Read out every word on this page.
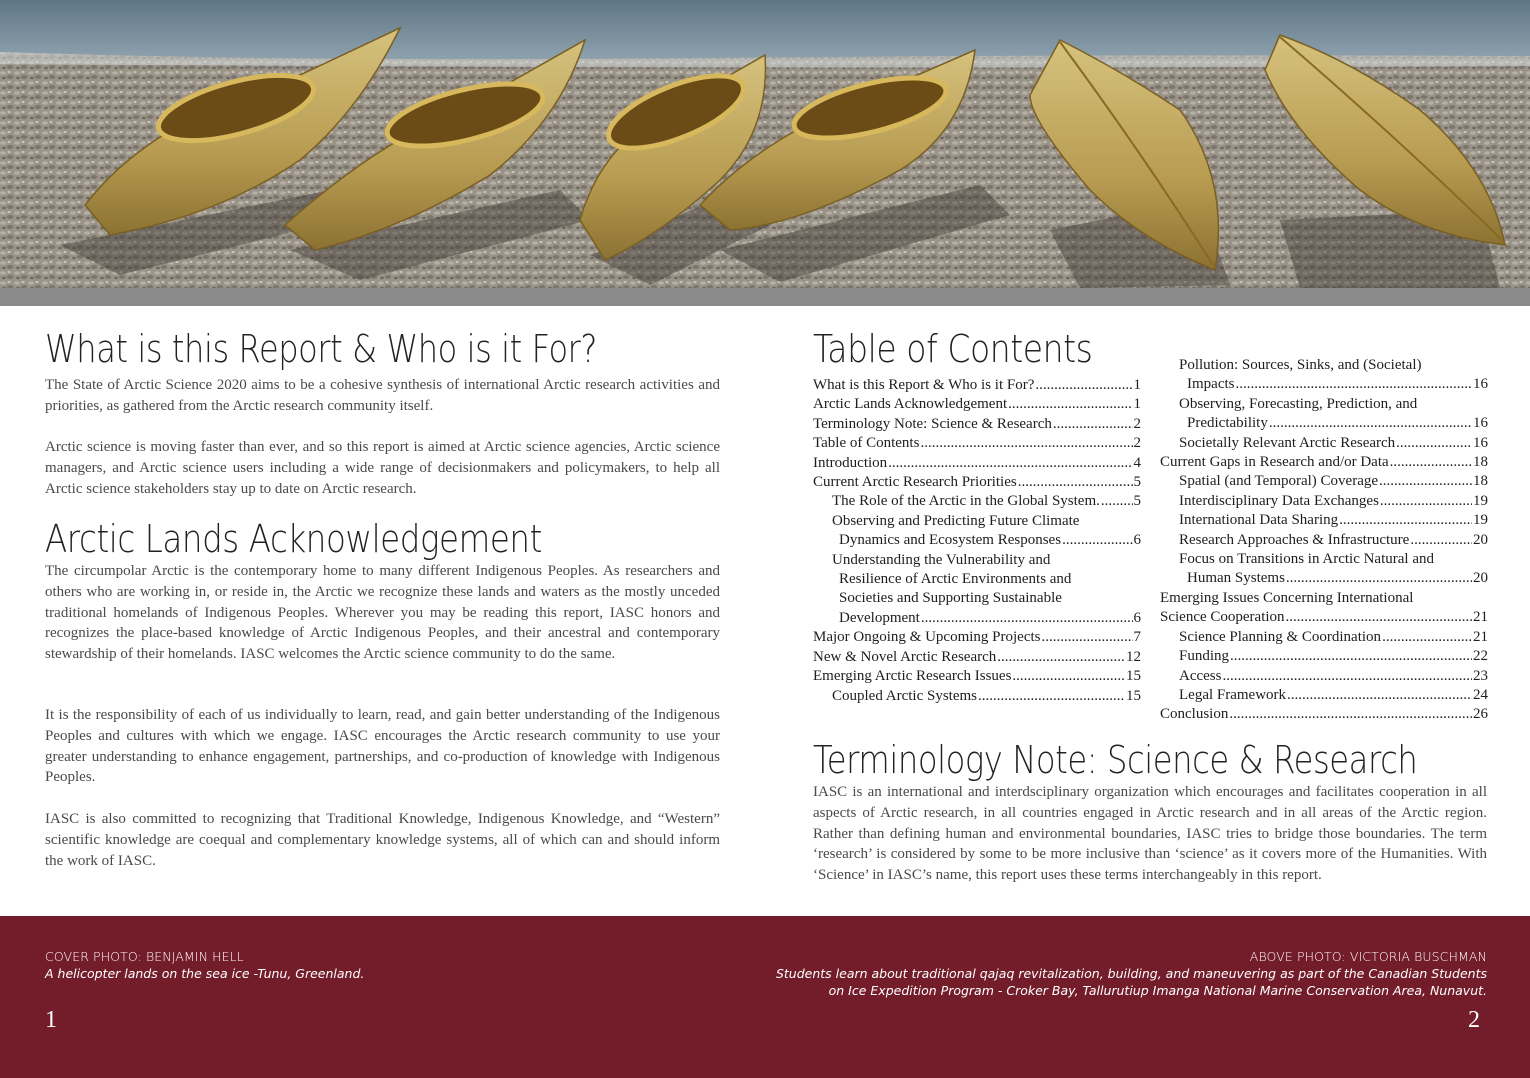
What is this Report & Who is it For?

The State of Arctic Science 2020 aims to be a cohesive synthesis of international Arctic research activities and priorities, as gathered from the Arctic research community itself.

Arctic science is moving faster than ever, and so this report is aimed at Arctic science agencies, Arctic science managers, and Arctic science users including a wide range of decisionmakers and policymakers, to help all Arctic science stakeholders stay up to date on Arctic research.

Arctic Lands Acknowledgement

The circumpolar Arctic is the contemporary home to many different Indigenous Peoples. As researchers and others who are working in, or reside in, the Arctic we recognize these lands and waters as the mostly unceded traditional homelands of Indigenous Peoples. Wherever you may be reading this report, IASC honors and recognizes the place-based knowledge of Arctic Indigenous Peoples, and their ancestral and contemporary stewardship of their homelands. IASC welcomes the Arctic science community to do the same.

It is the responsibility of each of us individually to learn, read, and gain better understanding of the Indigenous Peoples and cultures with which we engage. IASC encourages the Arctic research community to use your greater understanding to enhance engagement, partnerships, and co-production of knowledge with Indigenous Peoples.

IASC is also committed to recognizing that Traditional Knowledge, Indigenous Knowledge, and “Western” scientific knowledge are coequal and complementary knowledge systems, all of which can and should inform the work of IASC.

Table of Contents
What is this Report & Who is it For? .....	1
Arctic Lands Acknowledgement .....	1
Terminology Note: Science & Research .....	2
Table of Contents .....	2
Introduction .....	4
Current Arctic Research Priorities .....	5
The Role of the Arctic in the Global System. ..... 5
Observing and Predicting Future Climate
Dynamics and Ecosystem Responses .....	6
Understanding the Vulnerability and
Resilience of Arctic Environments and
Societies and Supporting Sustainable
Development .....	6
Major Ongoing & Upcoming Projects .....	7
New & Novel Arctic Research .....	12
Emerging Arctic Research Issues .....	15
Coupled Arctic Systems .....	15
Pollution: Sources, Sinks, and (Societal)
Impacts .....	16
Observing, Forecasting, Prediction, and
Predictability .....	16
Societally Relevant Arctic Research .....	16
Current Gaps in Research and/or Data .....	18
Spatial (and Temporal) Coverage .....	18
Interdisciplinary Data Exchanges .....	19
International Data Sharing .....	19
Research Approaches & Infrastructure .....	20
Focus on Transitions in Arctic Natural and
Human Systems .....	20
Emerging Issues Concerning International
Science Cooperation .....	21
Science Planning & Coordination .....	21
Funding .....	22
Access .....	23
Legal Framework .....	24
Conclusion .....	26
Terminology Note: Science & Research

IASC is an international and interdsciplinary organization which encourages and facilitates cooperation in all aspects of Arctic research, in all countries engaged in Arctic research and in all areas of the Arctic region. Rather than defining human and environmental boundaries, IASC tries to bridge those boundaries. The term ‘research’ is considered by some to be more inclusive than ‘science’ as it covers more of the Humanities. With ‘Science’ in IASC’s name, this report uses these terms interchangeably in this report.

COVER PHOTO: BENJAMIN HELL
A helicopter lands on the sea ice -Tunu, Greenland.
1
ABOVE PHOTO: VICTORIA BUSCHMAN
Students learn about traditional qajaq revitalization, building, and maneuvering as part of the Canadian Students
on Ice Expedition Program - Croker Bay, Tallurutiup Imanga National Marine Conservation Area, Nunavut.
2
